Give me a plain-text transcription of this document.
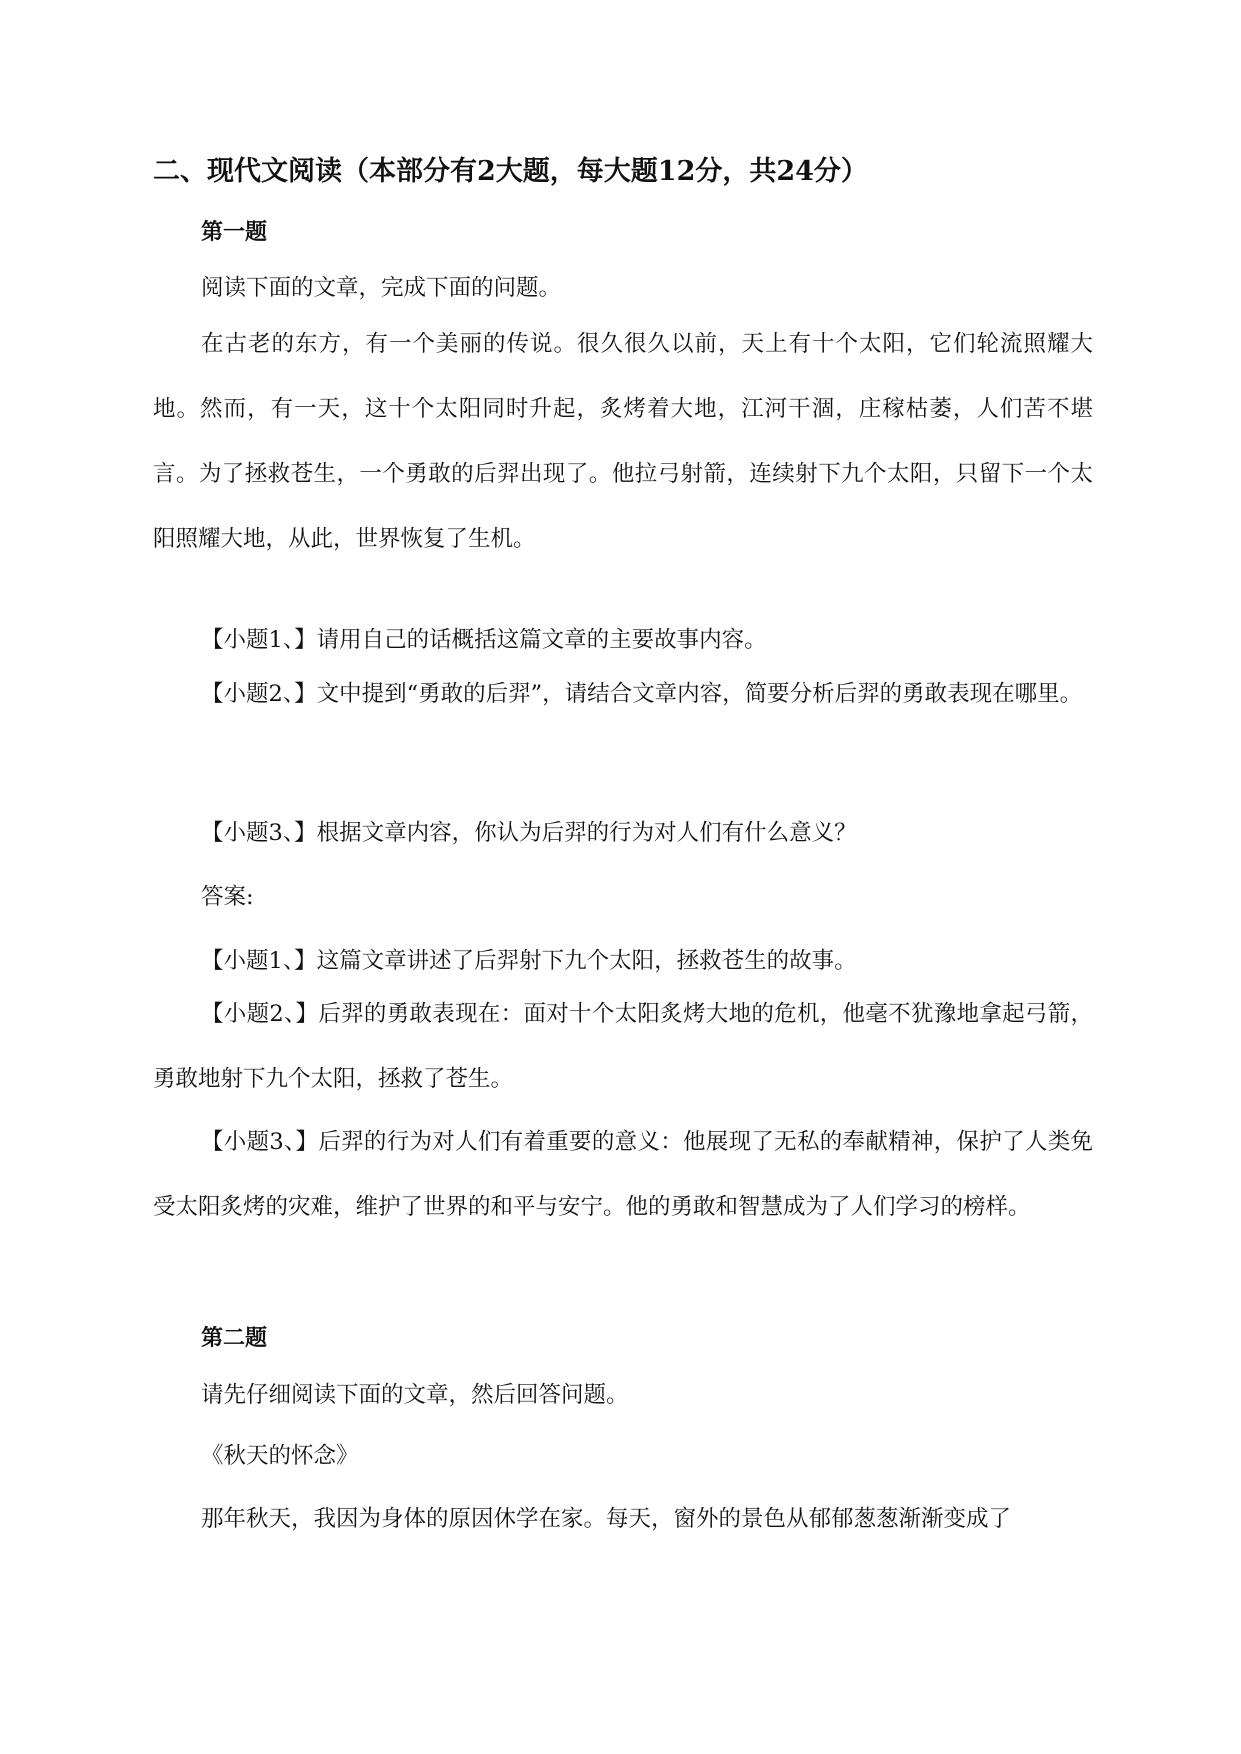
二、现代文阅读（本部分有2大题，每大题12分，共24分）
第一题
阅读下面的文章，完成下面的问题。

在古老的东方，有一个美丽的传说。很久很久以前，天上有十个太阳，它们轮流照耀大地。然而，有一天，这十个太阳同时升起，炙烤着大地，江河干涸，庄稼枯萎，人们苦不堪言。为了拯救苍生，一个勇敢的后羿出现了。他拉弓射箭，连续射下九个太阳，只留下一个太阳照耀大地，从此，世界恢复了生机。

【小题1、】请用自己的话概括这篇文章的主要故事内容。

【小题2、】文中提到“勇敢的后羿”，请结合文章内容，简要分析后羿的勇敢表现在哪里。

【小题3、】根据文章内容，你认为后羿的行为对人们有什么意义？
答案:
【小题1、】这篇文章讲述了后羿射下九个太阳，拯救苍生的故事。

【小题2、】后羿的勇敢表现在：面对十个太阳炙烤大地的危机，他毫不犹豫地拿起弓箭，勇敢地射下九个太阳，拯救了苍生。

【小题3、】后羿的行为对人们有着重要的意义：他展现了无私的奉献精神，保护了人类免受太阳炙烤的灾难，维护了世界的和平与安宁。他的勇敢和智慧成为了人们学习的榜样。

第二题
请先仔细阅读下面的文章，然后回答问题。
《秋天的怀念》
那年秋天，我因为身体的原因休学在家。每天，窗外的景色从郁郁葱葱渐渐变成了
